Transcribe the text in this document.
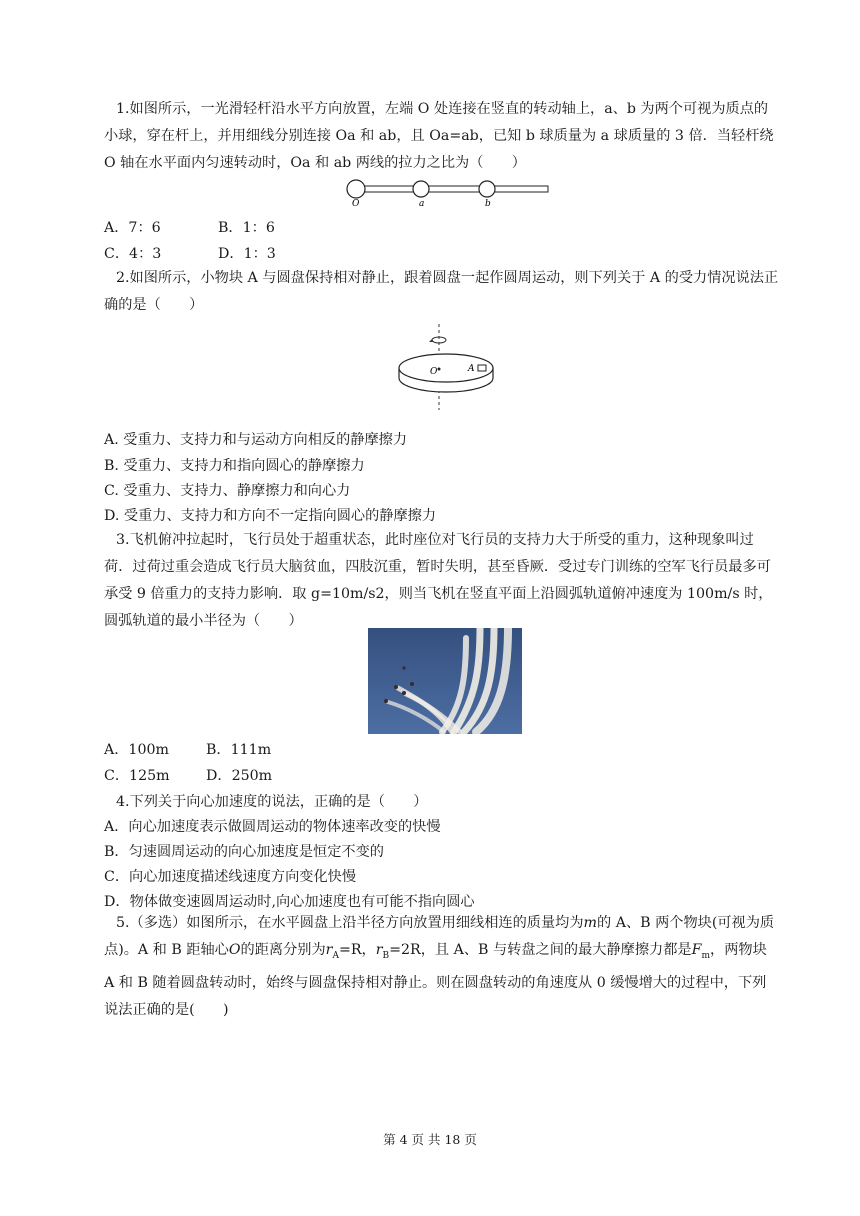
1.如图所示，一光滑轻杆沿水平方向放置，左端 O 处连接在竖直的转动轴上，a、b 为两个可视为质点的小球，穿在杆上，并用细线分别连接 Oa 和 ab，且 Oa=ab，已知 b 球质量为 a 球质量的 3 倍．当轻杆绕 O 轴在水平面内匀速转动时，Oa 和 ab 两线的拉力之比为（　　）

O	a	b
A．7：6	B．1：6
C．4：3	D．1：3

2.如图所示，小物块 A 与圆盘保持相对静止，跟着圆盘一起作圆周运动，则下列关于 A 的受力情况说法正确的是（　　）

O	A
A. 受重力、支持力和与运动方向相反的静摩擦力
B. 受重力、支持力和指向圆心的静摩擦力
C. 受重力、支持力、静摩擦力和向心力
D. 受重力、支持力和方向不一定指向圆心的静摩擦力

3.飞机俯冲拉起时，飞行员处于超重状态，此时座位对飞行员的支持力大于所受的重力，这种现象叫过荷．过荷过重会造成飞行员大脑贫血，四肢沉重，暂时失明，甚至昏厥．受过专门训练的空军飞行员最多可承受 9 倍重力的支持力影响．取 g=10m/s2，则当飞机在竖直平面上沿圆弧轨道俯冲速度为 100m/s 时，圆弧轨道的最小半径为（　　）

A．100m	B．111m
C．125m	D．250m
4.下列关于向心加速度的说法，正确的是（　　）
A．向心加速度表示做圆周运动的物体速率改变的快慢
B．匀速圆周运动的向心加速度是恒定不变的
C．向心加速度描述线速度方向变化快慢
D．物体做变速圆周运动时,向心加速度也有可能不指向圆心

5.（多选）如图所示，在水平圆盘上沿半径方向放置用细线相连的质量均为m的 A、B 两个物块(可视为质点)。A 和 B 距轴心O的距离分别为$r_A=R$，$r_B=2R$，且 A、B 与转盘之间的最大静摩擦力都是$F_m$，两物块 A 和 B 随着圆盘转动时，始终与圆盘保持相对静止。则在圆盘转动的角速度从 0 缓慢增大的过程中，下列说法正确的是(　　)

第 4 页 共 18 页
